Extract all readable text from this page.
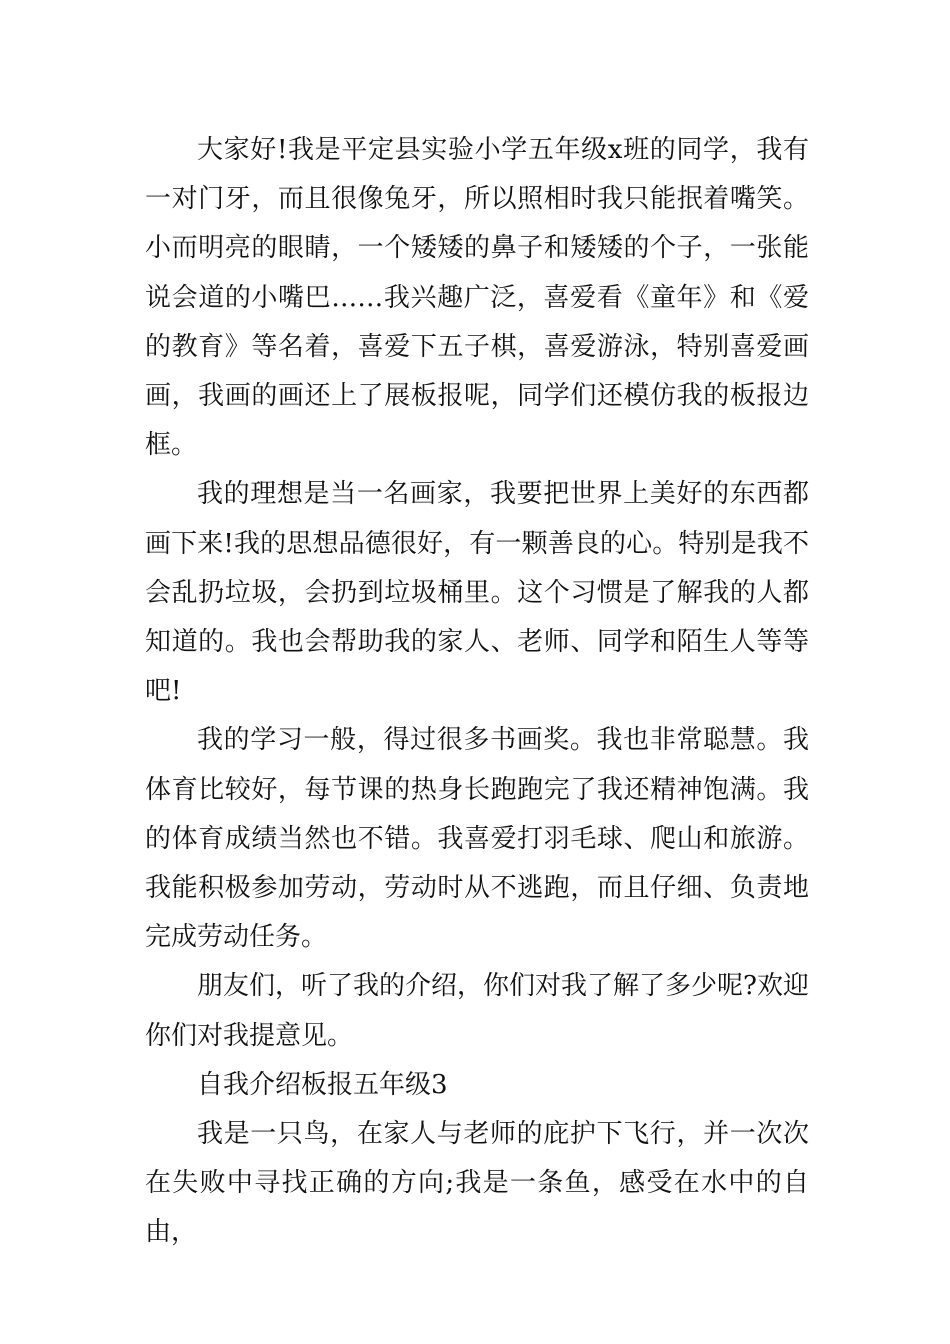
大家好!我是平定县实验小学五年级x班的同学，我有一对门牙，而且很像兔牙，所以照相时我只能抿着嘴笑。小而明亮的眼睛，一个矮矮的鼻子和矮矮的个子，一张能说会道的小嘴巴……我兴趣广泛，喜爱看《童年》和《爱的教育》等名着，喜爱下五子棋，喜爱游泳，特别喜爱画画，我画的画还上了展板报呢，同学们还模仿我的板报边框。

我的理想是当一名画家，我要把世界上美好的东西都画下来!我的思想品德很好，有一颗善良的心。特别是我不会乱扔垃圾，会扔到垃圾桶里。这个习惯是了解我的人都知道的。我也会帮助我的家人、老师、同学和陌生人等等吧!

我的学习一般，得过很多书画奖。我也非常聪慧。我体育比较好，每节课的热身长跑跑完了我还精神饱满。我的体育成绩当然也不错。我喜爱打羽毛球、爬山和旅游。我能积极参加劳动，劳动时从不逃跑，而且仔细、负责地完成劳动任务。

朋友们，听了我的介绍，你们对我了解了多少呢?欢迎你们对我提意见。

自我介绍板报五年级3

我是一只鸟，在家人与老师的庇护下飞行，并一次次在失败中寻找正确的方向;我是一条鱼，感受在水中的自由，
